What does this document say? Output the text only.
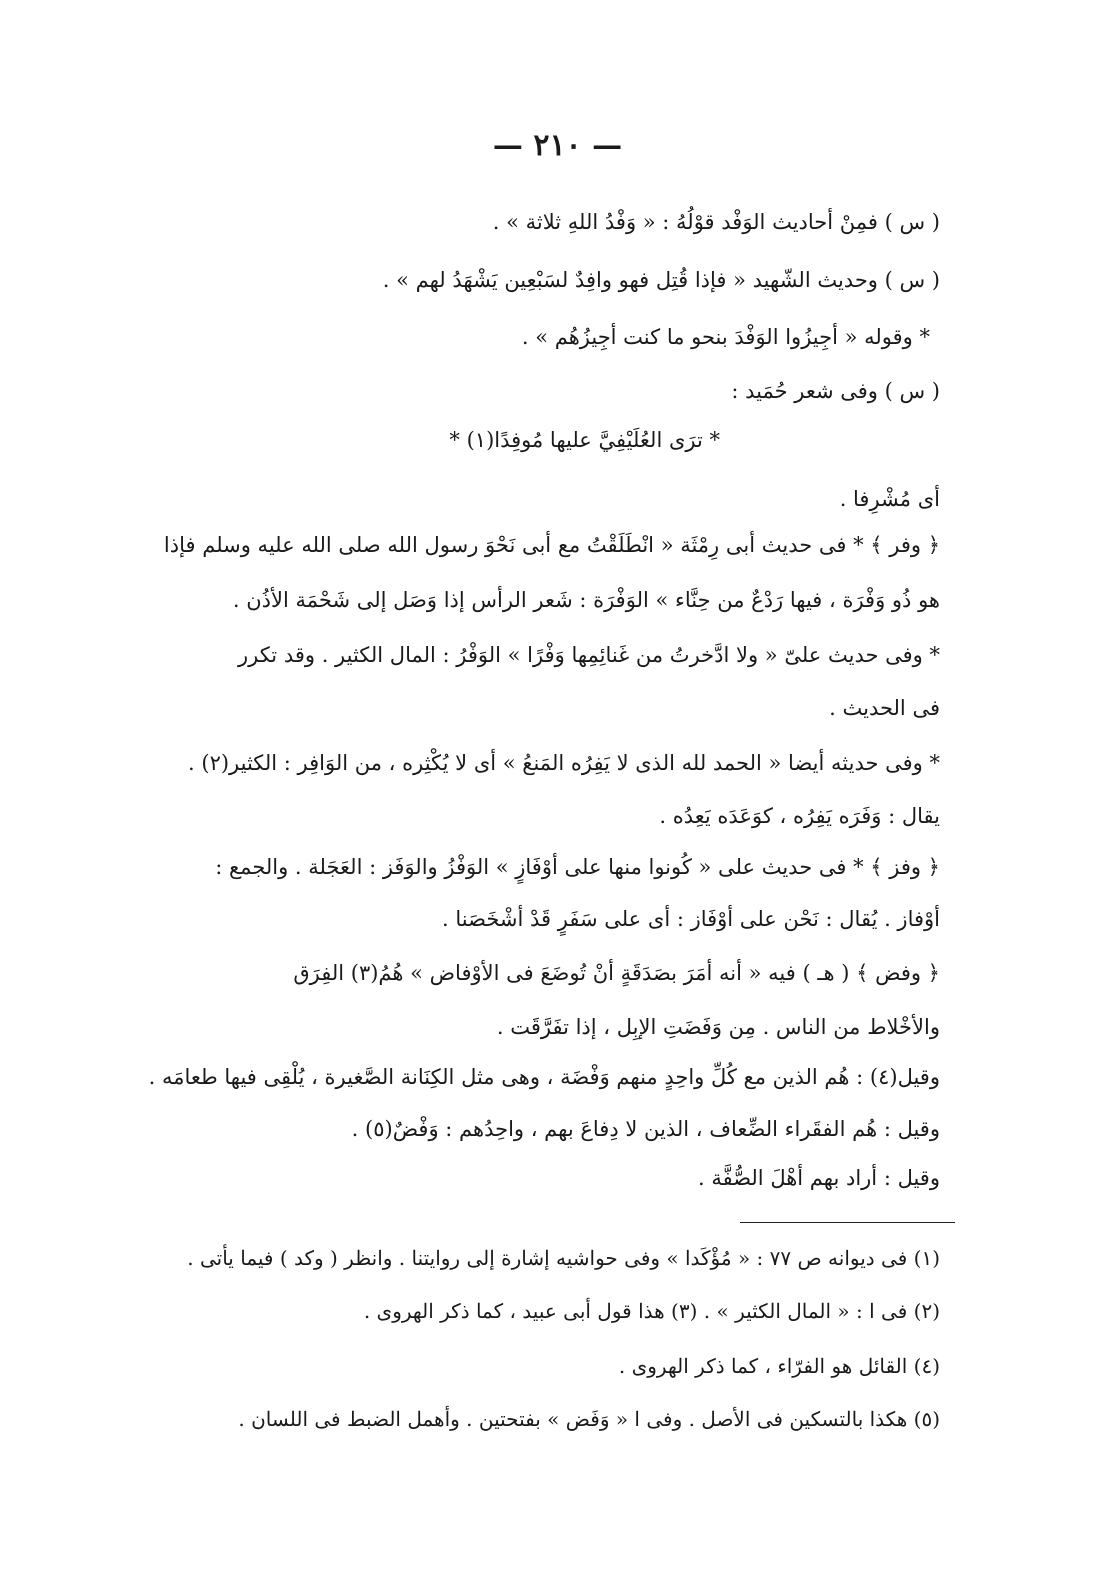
— ٢١٠ —
( س ) فمِنْ أحاديث الوَفْد قوْلُهُ : « وَفْدُ اللهِ ثلاثة » .
( س ) وحديث الشّهيد « فإذا قُتِل فهو وافِدٌ لسَبْعِين يَشْهَدُ لهم » .
* وقوله « أجِيزُوا الوَفْدَ بنحو ما كنت أجِيزُهُم » .
( س ) وفى شعر حُمَيد :
* ترَى العُلَيْفِيَّ عليها مُوفِدًا(١) *
أى مُشْرِفا .
﴿ وفر ﴾ * فى حديث أبى رِمْثَة « انْطَلَقْتُ مع أبى نَحْوَ رسول الله صلى الله عليه وسلم فإذا
هو ذُو وَفْرَة ، فيها رَدْعٌ من حِنَّاء » الوَفْرَة : شَعر الرأس إذا وَصَل إلى شَحْمَة الأذُن .
* وفى حديث علىّ « ولا ادَّخرتُ من غَنائِمِها وَفْرًا » الوَفْرُ : المال الكثير . وقد تكرر
فى الحديث .
* وفى حديثه أيضا « الحمد لله الذى لا يَفِرُه المَنعُ » أى لا يُكْثِره ، من الوَافِر : الكثير(٢) .
يقال : وَفَرَه يَفِرُه ، كوَعَدَه يَعِدُه .
﴿ وفز ﴾ * فى حديث على « كُونوا منها على أوْفَازٍ » الوَفْزُ والوَفَز : العَجَلة . والجمع :
أوْفاز . يُقال : نَحْن على أوْفَاز : أى على سَفَرٍ قَدْ أشْخَصَنا .
﴿ وفض ﴾ ( هـ ) فيه « أنه أمَرَ بصَدَقَةٍ أنْ تُوضَعَ فى الأوْفاض » هُمُ(٣) الفِرَق
والأخْلاط من الناس . مِن وَفَضَتِ الإبِل ، إذا تفَرَّقَت .
وقيل(٤) : هُم الذين مع كُلِّ واحِدٍ منهم وَفْضَة ، وهى مثل الكِنَانة الصَّغيرة ، يُلْقِى فيها طعامَه .
وقيل : هُم الفقَراء الضِّعاف ، الذين لا دِفاعَ بهم ، واحِدُهم : وَفْضٌ(٥) .
وقيل : أراد بهم أهْلَ الصُّفَّة .
(١) فى ديوانه ص ٧٧ : « مُؤْكَدا » وفى حواشيه إشارة إلى روايتنا . وانظر ( وكد ) فيما يأتى .
(٢) فى ا : « المال الكثير » . (٣) هذا قول أبى عبيد ، كما ذكر الهروى .
(٤) القائل هو الفرّاء ، كما ذكر الهروى .
(٥) هكذا بالتسكين فى الأصل . وفى ا « وَفَض » بفتحتين . وأهمل الضبط فى اللسان .
